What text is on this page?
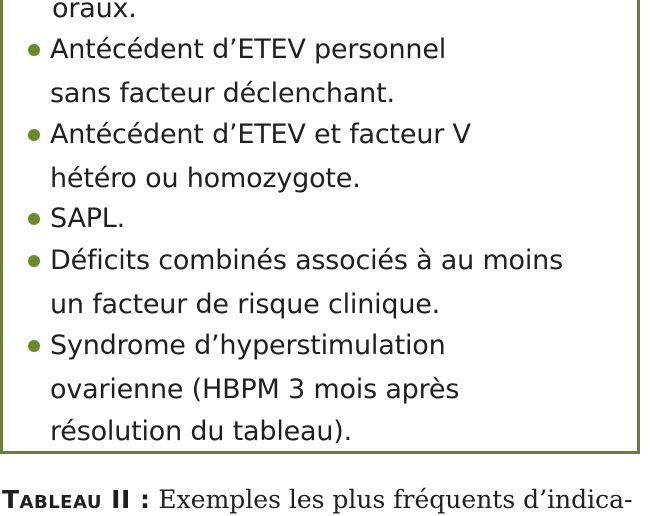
oraux.
Antécédent d’ETEV personnel
sans facteur déclenchant.
Antécédent d’ETEV et facteur V
hétéro ou homozygote.
SAPL.
Déficits combinés associés à au moins
un facteur de risque clinique.
Syndrome d’hyperstimulation
ovarienne (HBPM 3 mois après
résolution du tableau).
Tableau II : Exemples les plus fréquents d’indica-
